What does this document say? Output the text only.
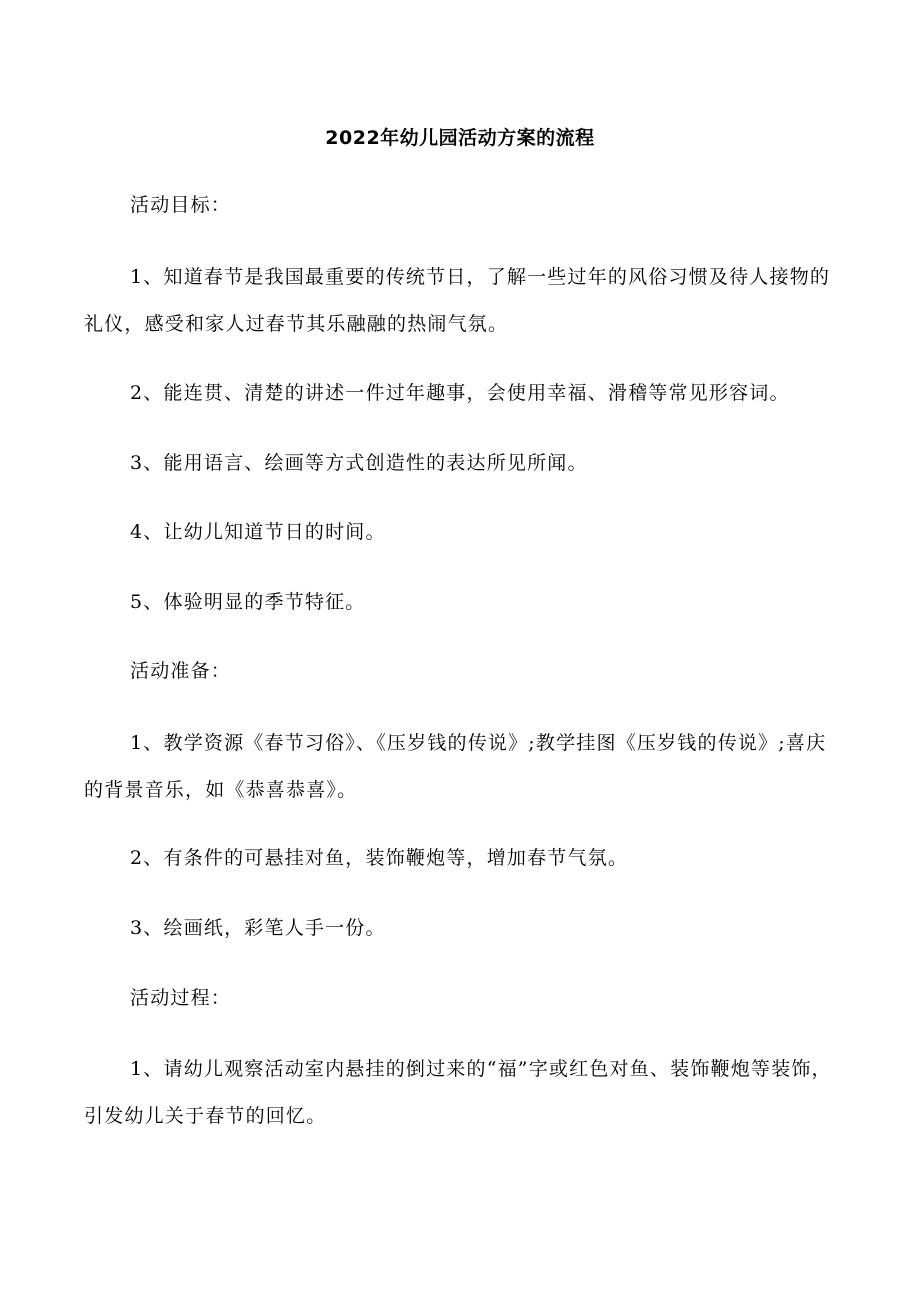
2022年幼儿园活动方案的流程
活动目标：
1、知道春节是我国最重要的传统节日，了解一些过年的风俗习惯及待人接物的礼仪，感受和家人过春节其乐融融的热闹气氛。
2、能连贯、清楚的讲述一件过年趣事，会使用幸福、滑稽等常见形容词。
3、能用语言、绘画等方式创造性的表达所见所闻。
4、让幼儿知道节日的时间。
5、体验明显的季节特征。
活动准备：
1、教学资源《春节习俗》、《压岁钱的传说》;教学挂图《压岁钱的传说》;喜庆的背景音乐，如《恭喜恭喜》。
2、有条件的可悬挂对鱼，装饰鞭炮等，增加春节气氛。
3、绘画纸，彩笔人手一份。
活动过程：
1、请幼儿观察活动室内悬挂的倒过来的“福”字或红色对鱼、装饰鞭炮等装饰，引发幼儿关于春节的回忆。
